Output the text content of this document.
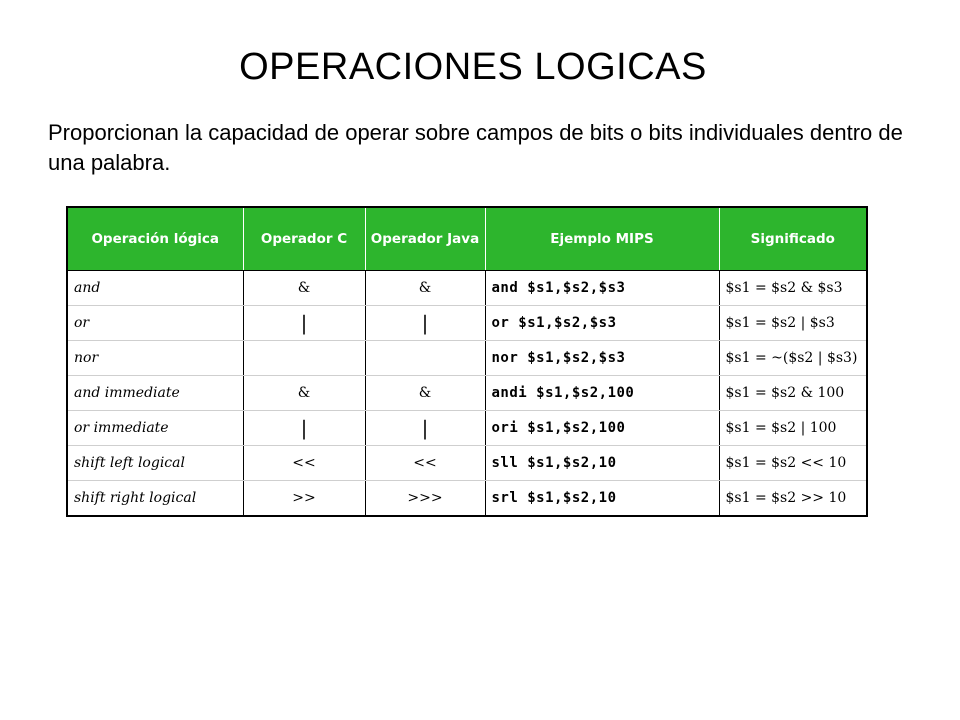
OPERACIONES LOGICAS
Proporcionan la capacidad de operar sobre campos de bits o bits individuales dentro de una palabra.
Operación lógica	Operador C	Operador Java	Ejemplo MIPS	Significado
and	&	&	and $s1,$s2,$s3	$s1 = $s2 & $s3
or	|	|	or $s1,$s2,$s3	$s1 = $s2 | $s3
nor			nor $s1,$s2,$s3	$s1 = ~($s2 | $s3)
and immediate	&	&	andi $s1,$s2,100	$s1 = $s2 & 100
or immediate	|	|	ori $s1,$s2,100	$s1 = $s2 | 100
shift left logical	<<	<<	sll $s1,$s2,10	$s1 = $s2 << 10
shift right logical	>>	>>>	srl $s1,$s2,10	$s1 = $s2 >> 10
